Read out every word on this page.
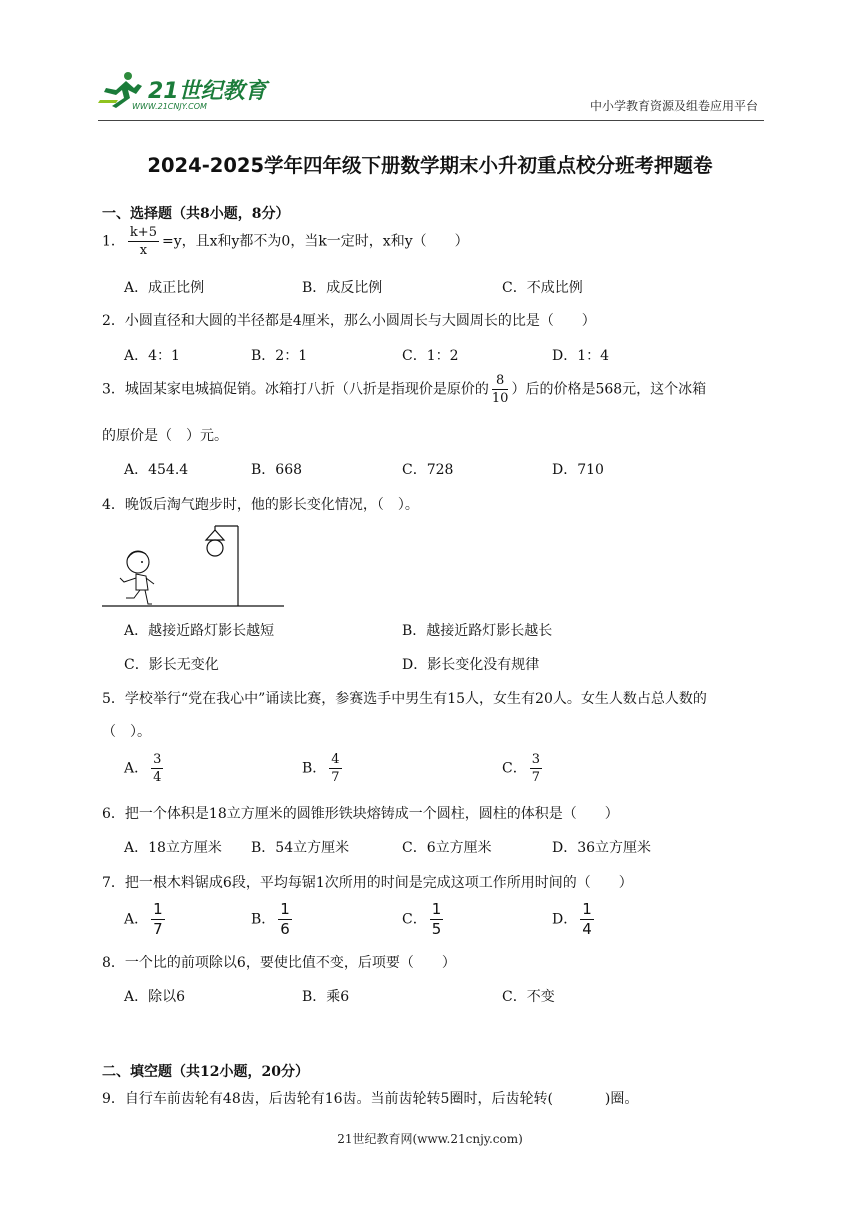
21世纪教育
WWW.21CNJY.COM	中小学教育资源及组卷应用平台
2024-2025学年四年级下册数学期末小升初重点校分班考押题卷
一、选择题（共8小题，8分）
1． $\frac{k+5}{x} =y$，且x和y都不为0，当k一定时，x和y（　　）
A．成正比例	B．成反比例	C．不成比例
2．小圆直径和大圆的半径都是4厘米，那么小圆周长与大圆周长的比是（　　）
A．4：1	B．2：1	C．1：2	D．1：4
3．城固某家电城搞促销。冰箱打八折（八折是指现价是原价的 $\frac{8}{10}$ ）后的价格是568元，这个冰箱
的原价是（　）元。
A．454.4	B．668	C．728	D．710
4．晚饭后淘气跑步时，他的影长变化情况，（　）。
A．越接近路灯影长越短	B．越接近路灯影长越长
C．影长无变化	D．影长变化没有规律
5．学校举行“党在我心中”诵读比赛，参赛选手中男生有15人，女生有20人。女生人数占总人数的
（　）。
A． $\frac{3}{4}$	B． $\frac{4}{7}$	C． $\frac{3}{7}$
6．把一个体积是18立方厘米的圆锥形铁块熔铸成一个圆柱，圆柱的体积是（　　）
A．18立方厘米 B．54立方厘米	C．6立方厘米	D．36立方厘米
7．把一根木料锯成6段，平均每锯1次所用的时间是完成这项工作所用时间的（　　）
A． $\frac{1}{7}$	B． $\frac{1}{6}$	C． $\frac{1}{5}$	D． $\frac{1}{4}$
8．一个比的前项除以6，要使比值不变，后项要（　　）
A．除以6	B．乘6	C．不变
二、填空题（共12小题，20分）
9．自行车前齿轮有48齿，后齿轮有16齿。当前齿轮转5圈时，后齿轮转(	)圈。
21世纪教育网(www.21cnjy.com)
